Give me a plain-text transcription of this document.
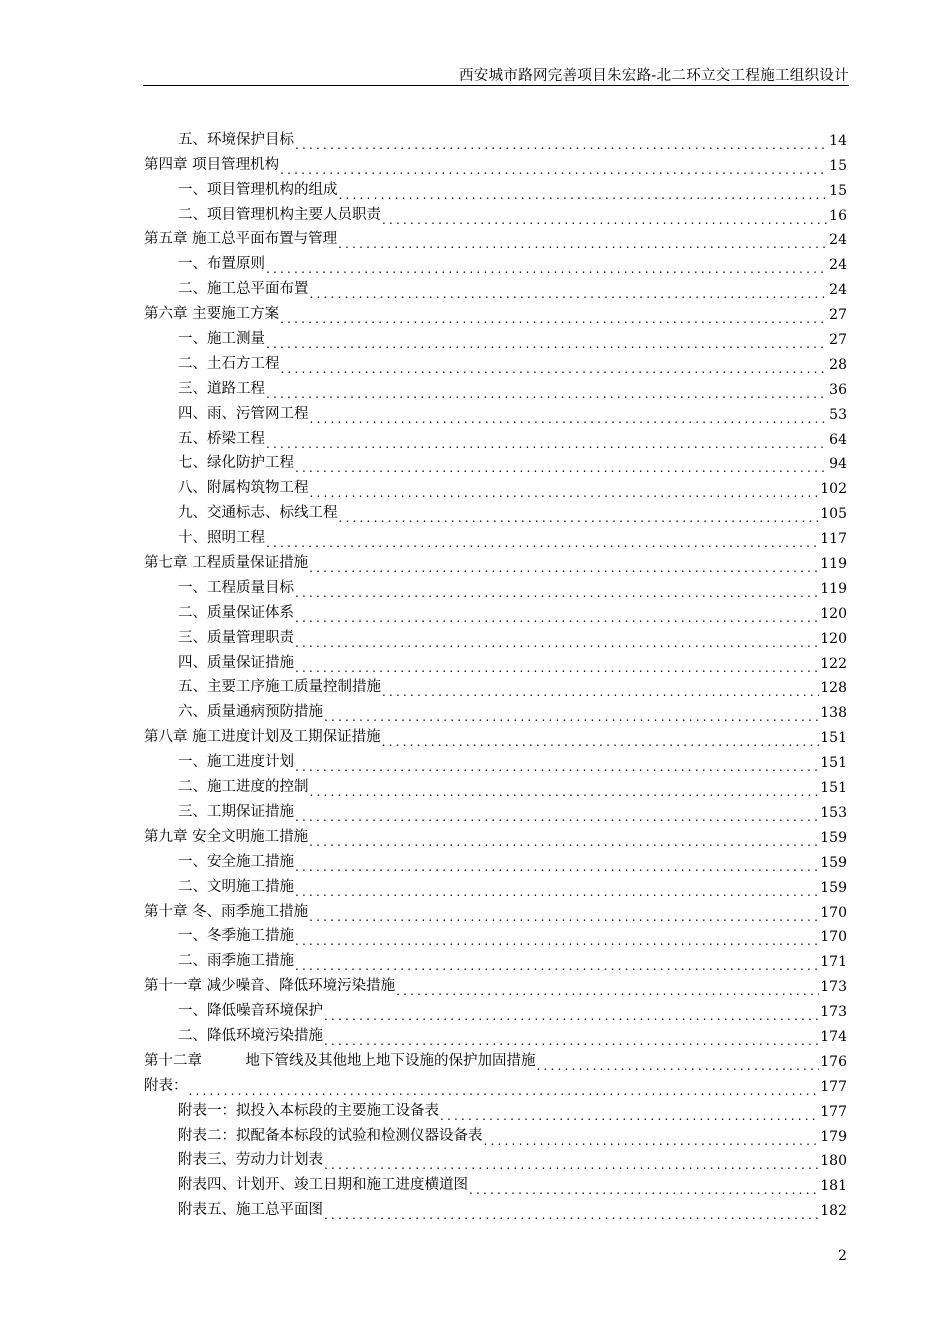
西安城市路网完善项目朱宏路-北二环立交工程施工组织设计
五、环境保护目标 .....	14
第四章 项目管理机构 .....	15
一、项目管理机构的组成 .....	15
二、项目管理机构主要人员职责 .....	16
第五章 施工总平面布置与管理 .....	24
一、布置原则 .....	24
二、施工总平面布置 .....	24
第六章 主要施工方案 .....	27
一、施工测量 .....	27
二、土石方工程 .....	28
三、道路工程 .....	36
四、雨、污管网工程 .....	53
五、桥梁工程 .....	64
七、绿化防护工程 .....	94
八、附属构筑物工程 .....	102
九、交通标志、标线工程 .....	105
十、照明工程 .....	117
第七章 工程质量保证措施 .....	119
一、工程质量目标 .....	119
二、质量保证体系 .....	120
三、质量管理职责 .....	120
四、质量保证措施 .....	122
五、主要工序施工质量控制措施 .....	128
六、质量通病预防措施 .....	138
第八章 施工进度计划及工期保证措施 .....	151
一、施工进度计划 .....	151
二、施工进度的控制 .....	151
三、工期保证措施 .....	153
第九章 安全文明施工措施 .....	159
一、安全施工措施 .....	159
二、文明施工措施 .....	159
第十章 冬、雨季施工措施 .....	170
一、冬季施工措施 .....	170
二、雨季施工措施 .....	171
第十一章 减少噪音、降低环境污染措施 .....	173
一、降低噪音环境保护 .....	173
二、降低环境污染措施 .....	174
第十二章　　　地下管线及其他地上地下设施的保护加固措施 .....	176
附表： .....	177
附表一：拟投入本标段的主要施工设备表 .....	177
附表二：拟配备本标段的试验和检测仪器设备表 .....	179
附表三、劳动力计划表 .....	180
附表四、计划开、竣工日期和施工进度横道图 .....	181
附表五、施工总平面图 .....	182
2
